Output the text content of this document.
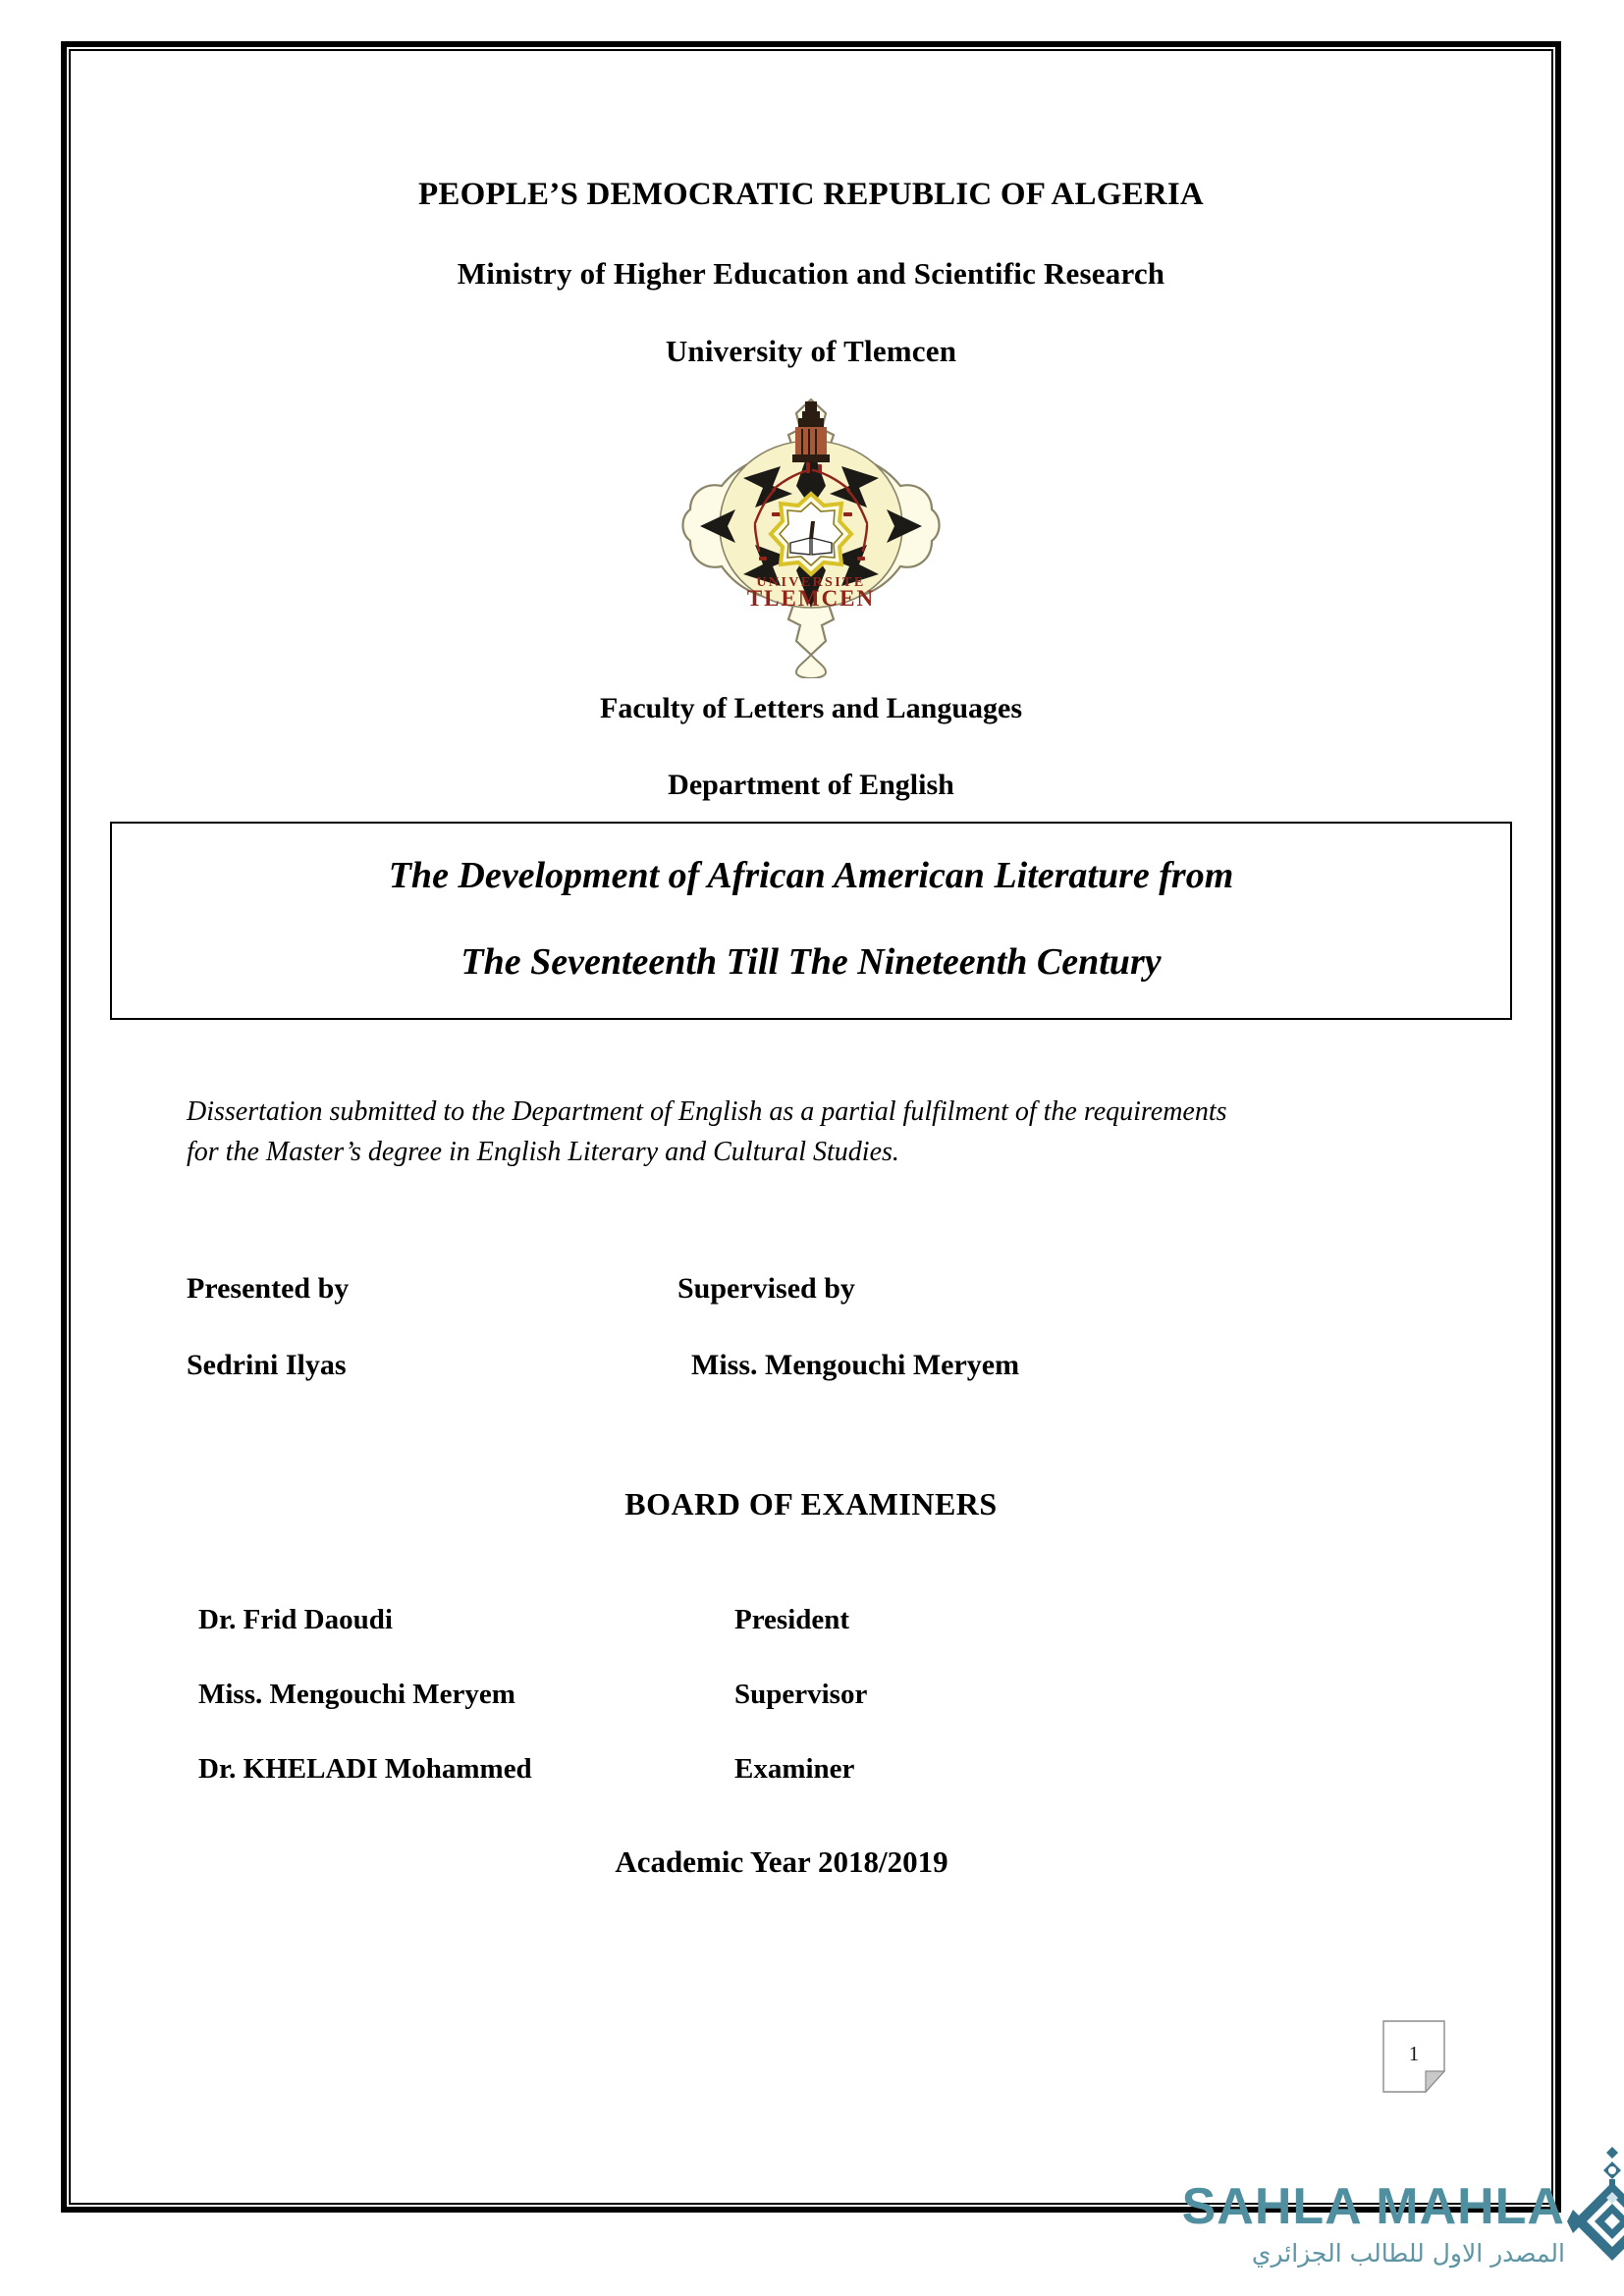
PEOPLE’S DEMOCRATIC REPUBLIC OF ALGERIA
Ministry of Higher Education and Scientific Research
University of Tlemcen
UNIVERSITE
TLEMCEN
Faculty of Letters and Languages
Department of English
The Development of African American Literature from
The Seventeenth Till The Nineteenth Century
Dissertation submitted to the Department of English as a partial fulfilment of the requirements for the Master’s degree in English Literary and Cultural Studies.
Presented by	Supervised by
Sedrini Ilyas	Miss. Mengouchi Meryem
BOARD OF EXAMINERS
Dr. Frid Daoudi	President
Miss. Mengouchi Meryem	Supervisor
Dr. KHELADI Mohammed	Examiner
Academic Year 2018/2019
1
SAHLA MAHLA
المصدر الاول للطالب الجزائري
